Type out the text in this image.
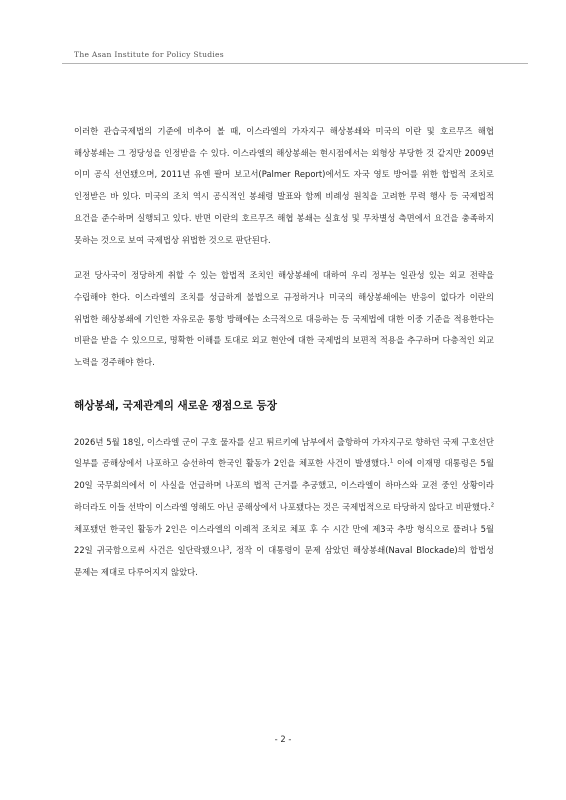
The Asan Institute for Policy Studies

이러한 관습국제법의 기준에 비추어 볼 때, 이스라엘의 가자지구 해상봉쇄와 미국의 이란 및 호르무즈 해협 해상봉쇄는 그 정당성을 인정받을 수 있다. 이스라엘의 해상봉쇄는 현시점에서는 외형상 부당한 것 같지만 2009년 이미 공식 선언됐으며, 2011년 유엔 팔머 보고서(Palmer Report)에서도 자국 영토 방어를 위한 합법적 조치로 인정받은 바 있다. 미국의 조치 역시 공식적인 봉쇄령 발표와 함께 비례성 원칙을 고려한 무력 행사 등 국제법적 요건을 준수하며 실행되고 있다. 반면 이란의 호르무즈 해협 봉쇄는 실효성 및 무차별성 측면에서 요건을 충족하지 못하는 것으로 보여 국제법상 위법한 것으로 판단된다.

교전 당사국이 정당하게 취할 수 있는 합법적 조치인 해상봉쇄에 대하여 우리 정부는 일관성 있는 외교 전략을 수립해야 한다. 이스라엘의 조치를 성급하게 불법으로 규정하거나 미국의 해상봉쇄에는 반응이 없다가 이란의 위법한 해상봉쇄에 기인한 자유로운 통항 방해에는 소극적으로 대응하는 등 국제법에 대한 이중 기준을 적용한다는 비판을 받을 수 있으므로, 명확한 이해를 토대로 외교 현안에 대한 국제법의 보편적 적용을 추구하며 다층적인 외교 노력을 경주해야 한다.

해상봉쇄, 국제관계의 새로운 쟁점으로 등장

2026년 5월 18일, 이스라엘 군이 구호 물자를 싣고 튀르키예 남부에서 출항하여 가자지구로 향하던 국제 구호선단 일부를 공해상에서 나포하고 승선하여 한국인 활동가 2인을 체포한 사건이 발생했다.$^1$ 이에 이재명 대통령은 5월 20일 국무회의에서 이 사실을 언급하며 나포의 법적 근거를 추궁했고, 이스라엘이 하마스와 교전 중인 상황이라 하더라도 이들 선박이 이스라엘 영해도 아닌 공해상에서 나포됐다는 것은 국제법적으로 타당하지 않다고 비판했다.$^2$ 체포됐던 한국인 활동가 2인은 이스라엘의 이례적 조치로 체포 후 수 시간 만에 제3국 추방 형식으로 풀려나 5월 22일 귀국함으로써 사건은 일단락됐으나$^3$, 정작 이 대통령이 문제 삼았던 해상봉쇄(Naval Blockade)의 합법성 문제는 제대로 다루어지지 않았다.

- 2 -
